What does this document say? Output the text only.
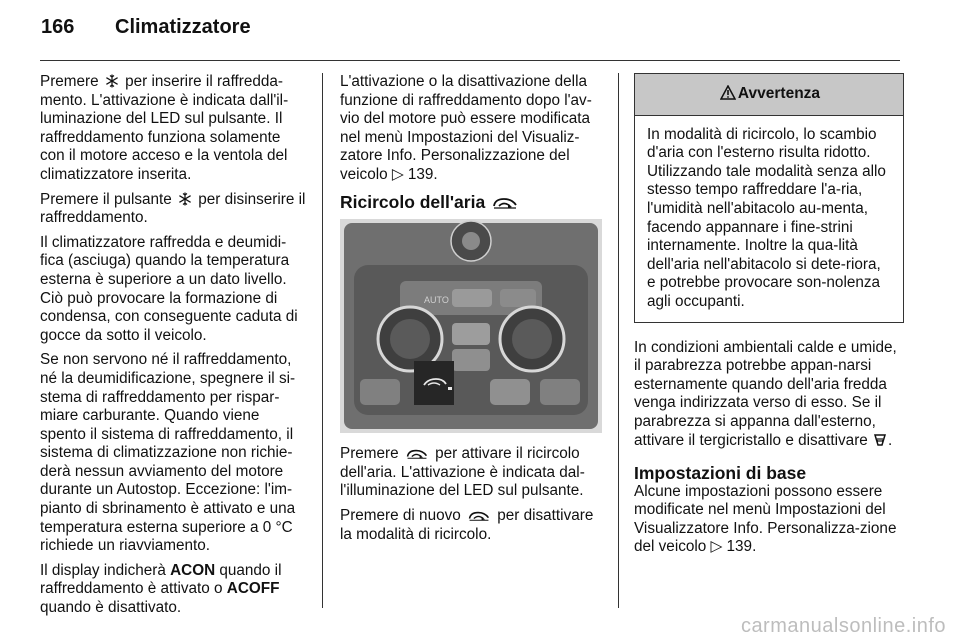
166 Climatizzatore

Premere per inserire il raffredda-mento. L'attivazione è indicata dall'il-luminazione del LED sul pulsante. Il raffreddamento funziona solamente con il motore acceso e la ventola del climatizzatore inserita.

Premere il pulsante per disinserire il raffreddamento.

Il climatizzatore raffredda e deumidi-fica (asciuga) quando la temperatura esterna è superiore a un dato livello. Ciò può provocare la formazione di condensa, con conseguente caduta di gocce da sotto il veicolo.

Se non servono né il raffreddamento, né la deumidificazione, spegnere il si-stema di raffreddamento per rispar-miare carburante. Quando viene spento il sistema di raffreddamento, il sistema di climatizzazione non richie-derà nessun avviamento del motore durante un Autostop. Eccezione: l'im-pianto di sbrinamento è attivato e una temperatura esterna superiore a 0 °C richiede un riavviamento.

Il display indicherà ACON quando il raffreddamento è attivato o ACOFF quando è disattivato.

L'attivazione o la disattivazione della funzione di raffreddamento dopo l'av-vio del motore può essere modificata nel menù Impostazioni del Visualiz-zatore Info. Personalizzazione del veicolo ▷ 139.

Ricircolo dell'aria
AUTO

Premere per attivare il ricircolo dell'aria. L'attivazione è indicata dal-l'illuminazione del LED sul pulsante.

Premere di nuovo per disattivare la modalità di ricircolo.

Avvertenza
In modalità di ricircolo, lo scambio d'aria con l'esterno risulta ridotto. Utilizzando tale modalità senza allo stesso tempo raffreddare l'a-ria, l'umidità nell'abitacolo au-menta, facendo appannare i fine-strini internamente. Inoltre la qua-lità dell'aria nell'abitacolo si dete-riora, e potrebbe provocare son-nolenza agli occupanti.

In condizioni ambientali calde e umide, il parabrezza potrebbe appan-narsi esternamente quando dell'aria fredda venga indirizzata verso di esso. Se il parabrezza si appanna dall'esterno, attivare il tergicristallo e disattivare .

Impostazioni di base

Alcune impostazioni possono essere modificate nel menù Impostazioni del Visualizzatore Info. Personalizza-zione del veicolo ▷ 139.

carmanualsonline.info
